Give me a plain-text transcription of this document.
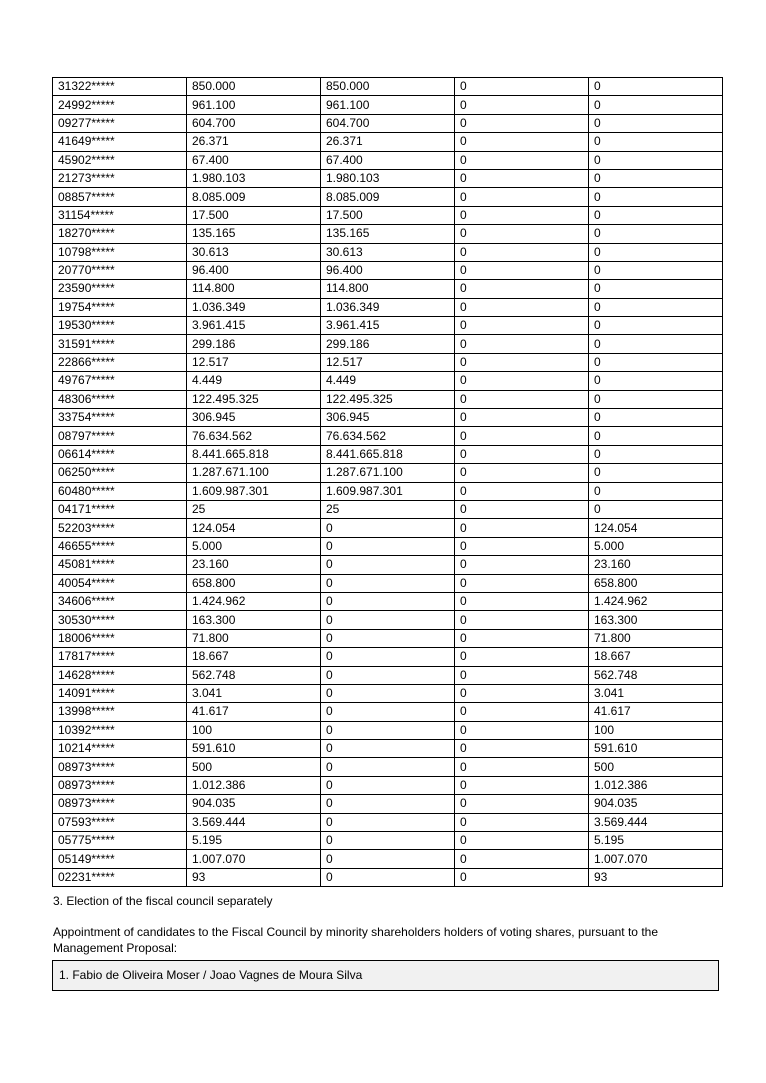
31322*****	850.000	850.000	0	0
24992*****	961.100	961.100	0	0
09277*****	604.700	604.700	0	0
41649*****	26.371	26.371	0	0
45902*****	67.400	67.400	0	0
21273*****	1.980.103	1.980.103	0	0
08857*****	8.085.009	8.085.009	0	0
31154*****	17.500	17.500	0	0
18270*****	135.165	135.165	0	0
10798*****	30.613	30.613	0	0
20770*****	96.400	96.400	0	0
23590*****	114.800	114.800	0	0
19754*****	1.036.349	1.036.349	0	0
19530*****	3.961.415	3.961.415	0	0
31591*****	299.186	299.186	0	0
22866*****	12.517	12.517	0	0
49767*****	4.449	4.449	0	0
48306*****	122.495.325	122.495.325	0	0
33754*****	306.945	306.945	0	0
08797*****	76.634.562	76.634.562	0	0
06614*****	8.441.665.818	8.441.665.818	0	0
06250*****	1.287.671.100	1.287.671.100	0	0
60480*****	1.609.987.301	1.609.987.301	0	0
04171*****	25	25	0	0
52203*****	124.054	0	0	124.054
46655*****	5.000	0	0	5.000
45081*****	23.160	0	0	23.160
40054*****	658.800	0	0	658.800
34606*****	1.424.962	0	0	1.424.962
30530*****	163.300	0	0	163.300
18006*****	71.800	0	0	71.800
17817*****	18.667	0	0	18.667
14628*****	562.748	0	0	562.748
14091*****	3.041	0	0	3.041
13998*****	41.617	0	0	41.617
10392*****	100	0	0	100
10214*****	591.610	0	0	591.610
08973*****	500	0	0	500
08973*****	1.012.386	0	0	1.012.386
08973*****	904.035	0	0	904.035
07593*****	3.569.444	0	0	3.569.444
05775*****	5.195	0	0	5.195
05149*****	1.007.070	0	0	1.007.070
02231*****	93	0	0	93
3. Election of the fiscal council separately
Appointment of candidates to the Fiscal Council by minority shareholders holders of voting shares, pursuant to the Management Proposal:
1. Fabio de Oliveira Moser / Joao Vagnes de Moura Silva
